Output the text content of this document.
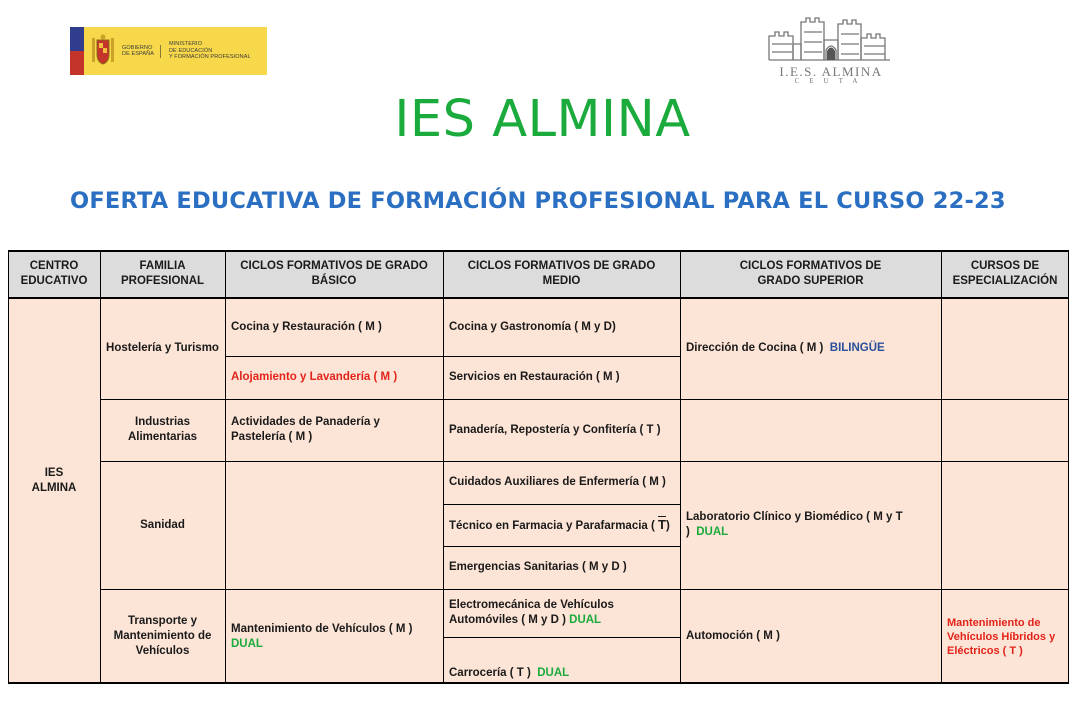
GOBIERNO
DE ESPAÑA
MINISTERIO
DE EDUCACIÓN
Y FORMACIÓN PROFESIONAL
I.E.S. ALMINA
CEUTA
IES ALMINA
OFERTA EDUCATIVA DE FORMACIÓN PROFESIONAL PARA EL CURSO 22-23
CENTRO EDUCATIVO
FAMILIA PROFESIONAL
CICLOS FORMATIVOS DE GRADO BÁSICO
CICLOS FORMATIVOS DE GRADO MEDIO
CICLOS FORMATIVOS DE GRADO SUPERIOR
CURSOS DE ESPECIALIZACIÓN
IES ALMINA
Hostelería y Turismo
Industrias Alimentarias
Sanidad
Transporte y Mantenimiento de Vehículos
Cocina y Restauración ( M )
Alojamiento y Lavandería ( M )
Actividades de Panadería y Pastelería ( M )
Mantenimiento de Vehículos ( M )
DUAL
Cocina y Gastronomía ( M y D)
Servicios en Restauración ( M )
Panadería, Repostería y Confitería ( T )
Cuidados Auxiliares de Enfermería ( M )
Técnico en Farmacia y Parafarmacia ( $\overline{T}$)
Emergencias Sanitarias ( M y D )
Electromecánica de Vehículos Automóviles ( M y D ) DUAL
Carrocería ( T ) DUAL
Dirección de Cocina ( M ) BILINGÜE
Laboratorio Clínico y Biomédico ( M y T ) DUAL
Automoción ( M )
Mantenimiento de Vehículos Híbridos y Eléctricos ( T )
